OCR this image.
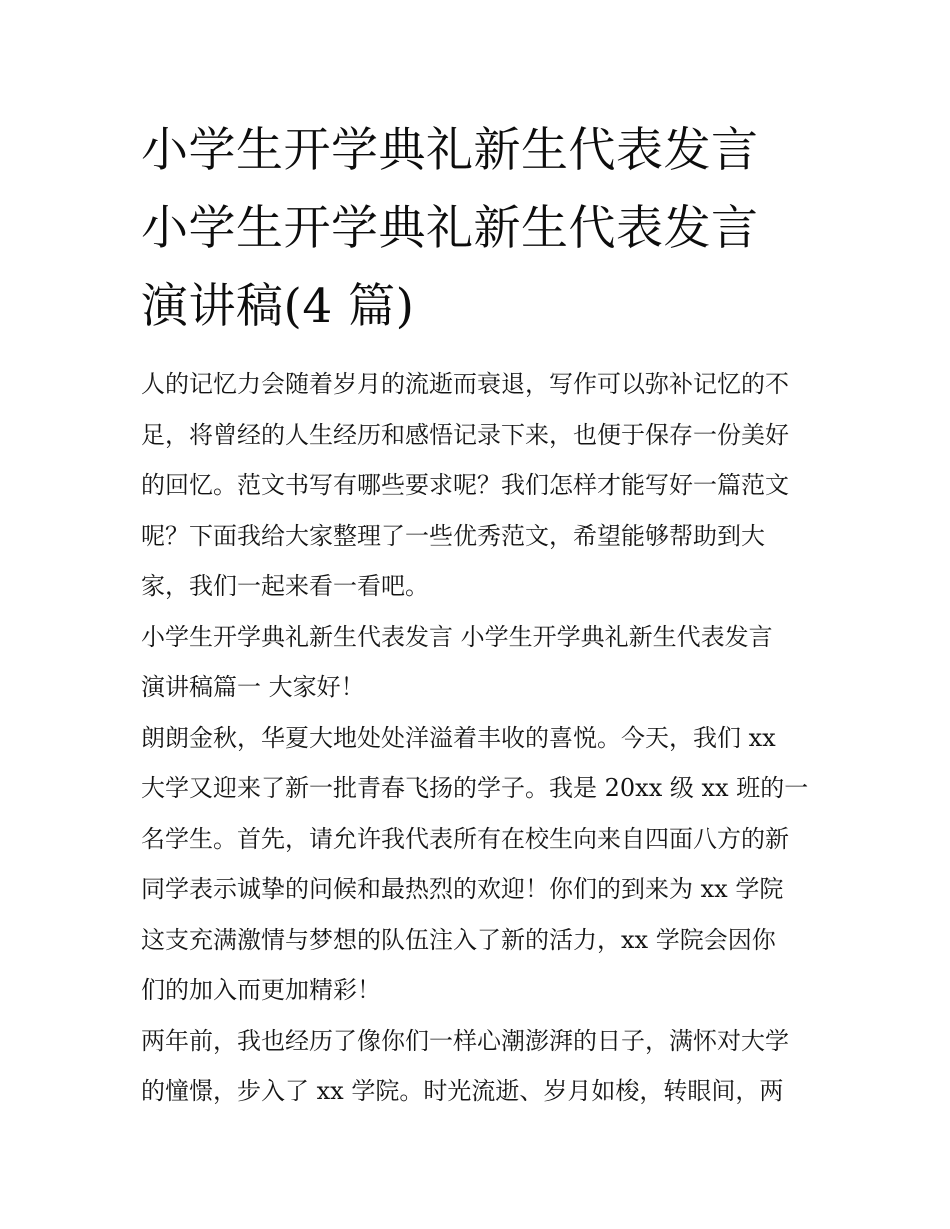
小学生开学典礼新生代表发言
小学生开学典礼新生代表发言
演讲稿(4 篇)
人的记忆力会随着岁月的流逝而衰退，写作可以弥补记忆的不
足，将曾经的人生经历和感悟记录下来，也便于保存一份美好
的回忆。范文书写有哪些要求呢？我们怎样才能写好一篇范文
呢？下面我给大家整理了一些优秀范文，希望能够帮助到大
家，我们一起来看一看吧。
小学生开学典礼新生代表发言 小学生开学典礼新生代表发言
演讲稿篇一 大家好！
朗朗金秋，华夏大地处处洋溢着丰收的喜悦。今天，我们 xx
大学又迎来了新一批青春飞扬的学子。我是 20xx 级 xx 班的一
名学生。首先，请允许我代表所有在校生向来自四面八方的新
同学表示诚挚的问候和最热烈的欢迎！你们的到来为 xx 学院
这支充满激情与梦想的队伍注入了新的活力，xx 学院会因你
们的加入而更加精彩！
两年前，我也经历了像你们一样心潮澎湃的日子，满怀对大学
的憧憬，步入了 xx 学院。时光流逝、岁月如梭，转眼间，两
